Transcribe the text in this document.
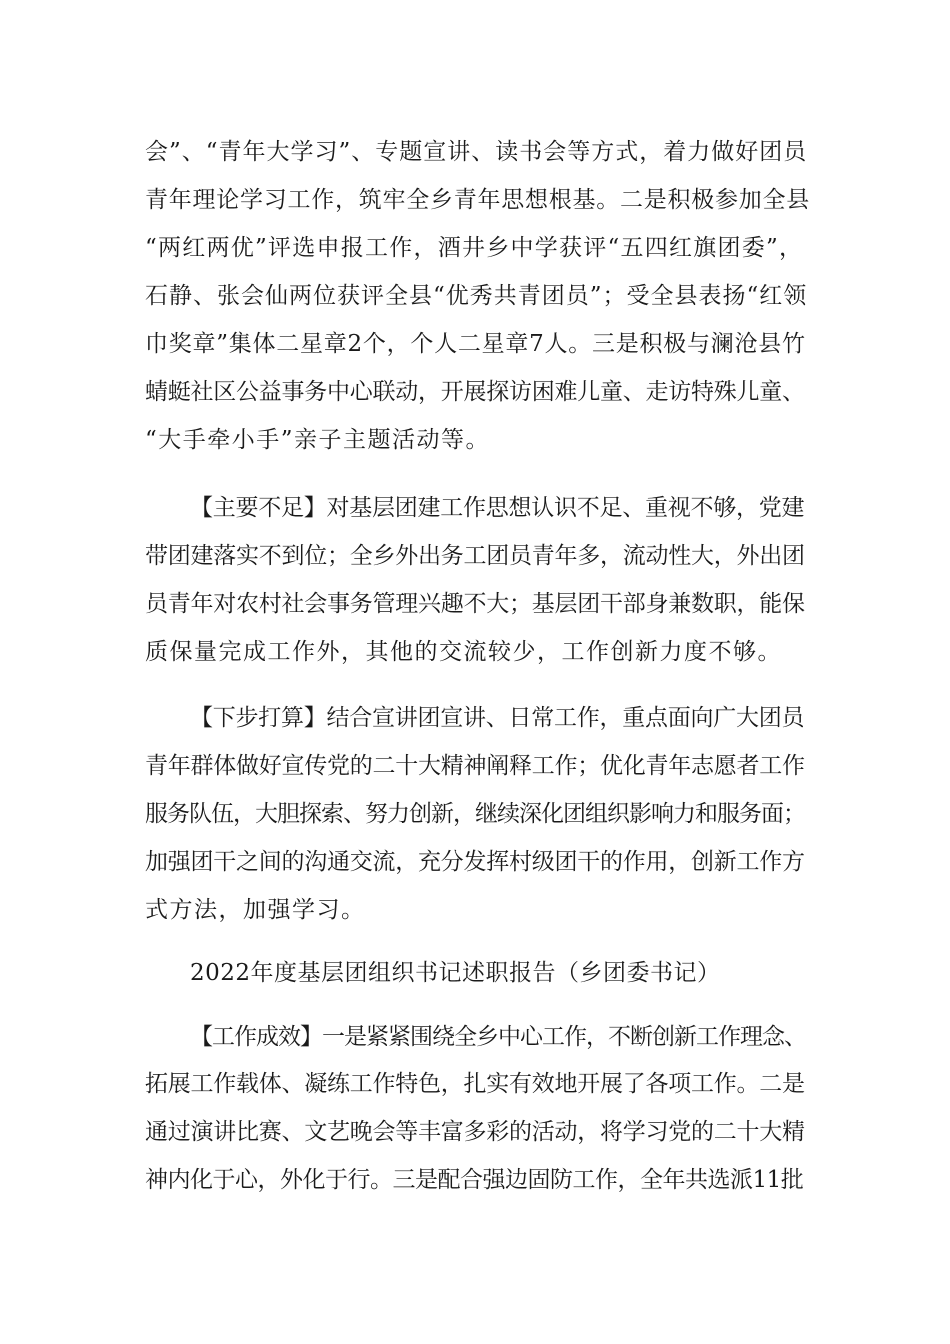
会”、“青年大学习”、专题宣讲、读书会等方式，着力做好团员
青年理论学习工作，筑牢全乡青年思想根基。二是积极参加全县
“两红两优”评选申报工作，酒井乡中学获评“五四红旗团委”，
石静、张会仙两位获评全县“优秀共青团员”；受全县表扬“红领
巾奖章”集体二星章2个，个人二星章7人。三是积极与澜沧县竹
蜻蜓社区公益事务中心联动，开展探访困难儿童、走访特殊儿童、
“大手牵小手”亲子主题活动等。
【主要不足】对基层团建工作思想认识不足、重视不够，党建
带团建落实不到位；全乡外出务工团员青年多，流动性大，外出团
员青年对农村社会事务管理兴趣不大；基层团干部身兼数职，能保
质保量完成工作外，其他的交流较少，工作创新力度不够。
【下步打算】结合宣讲团宣讲、日常工作，重点面向广大团员
青年群体做好宣传党的二十大精神阐释工作；优化青年志愿者工作
服务队伍，大胆探索、努力创新，继续深化团组织影响力和服务面；
加强团干之间的沟通交流，充分发挥村级团干的作用，创新工作方
式方法，加强学习。
2022年度基层团组织书记述职报告（乡团委书记）
【工作成效】一是紧紧围绕全乡中心工作，不断创新工作理念、
拓展工作载体、凝练工作特色，扎实有效地开展了各项工作。二是
通过演讲比赛、文艺晚会等丰富多彩的活动，将学习党的二十大精
神内化于心，外化于行。三是配合强边固防工作，全年共选派11批
